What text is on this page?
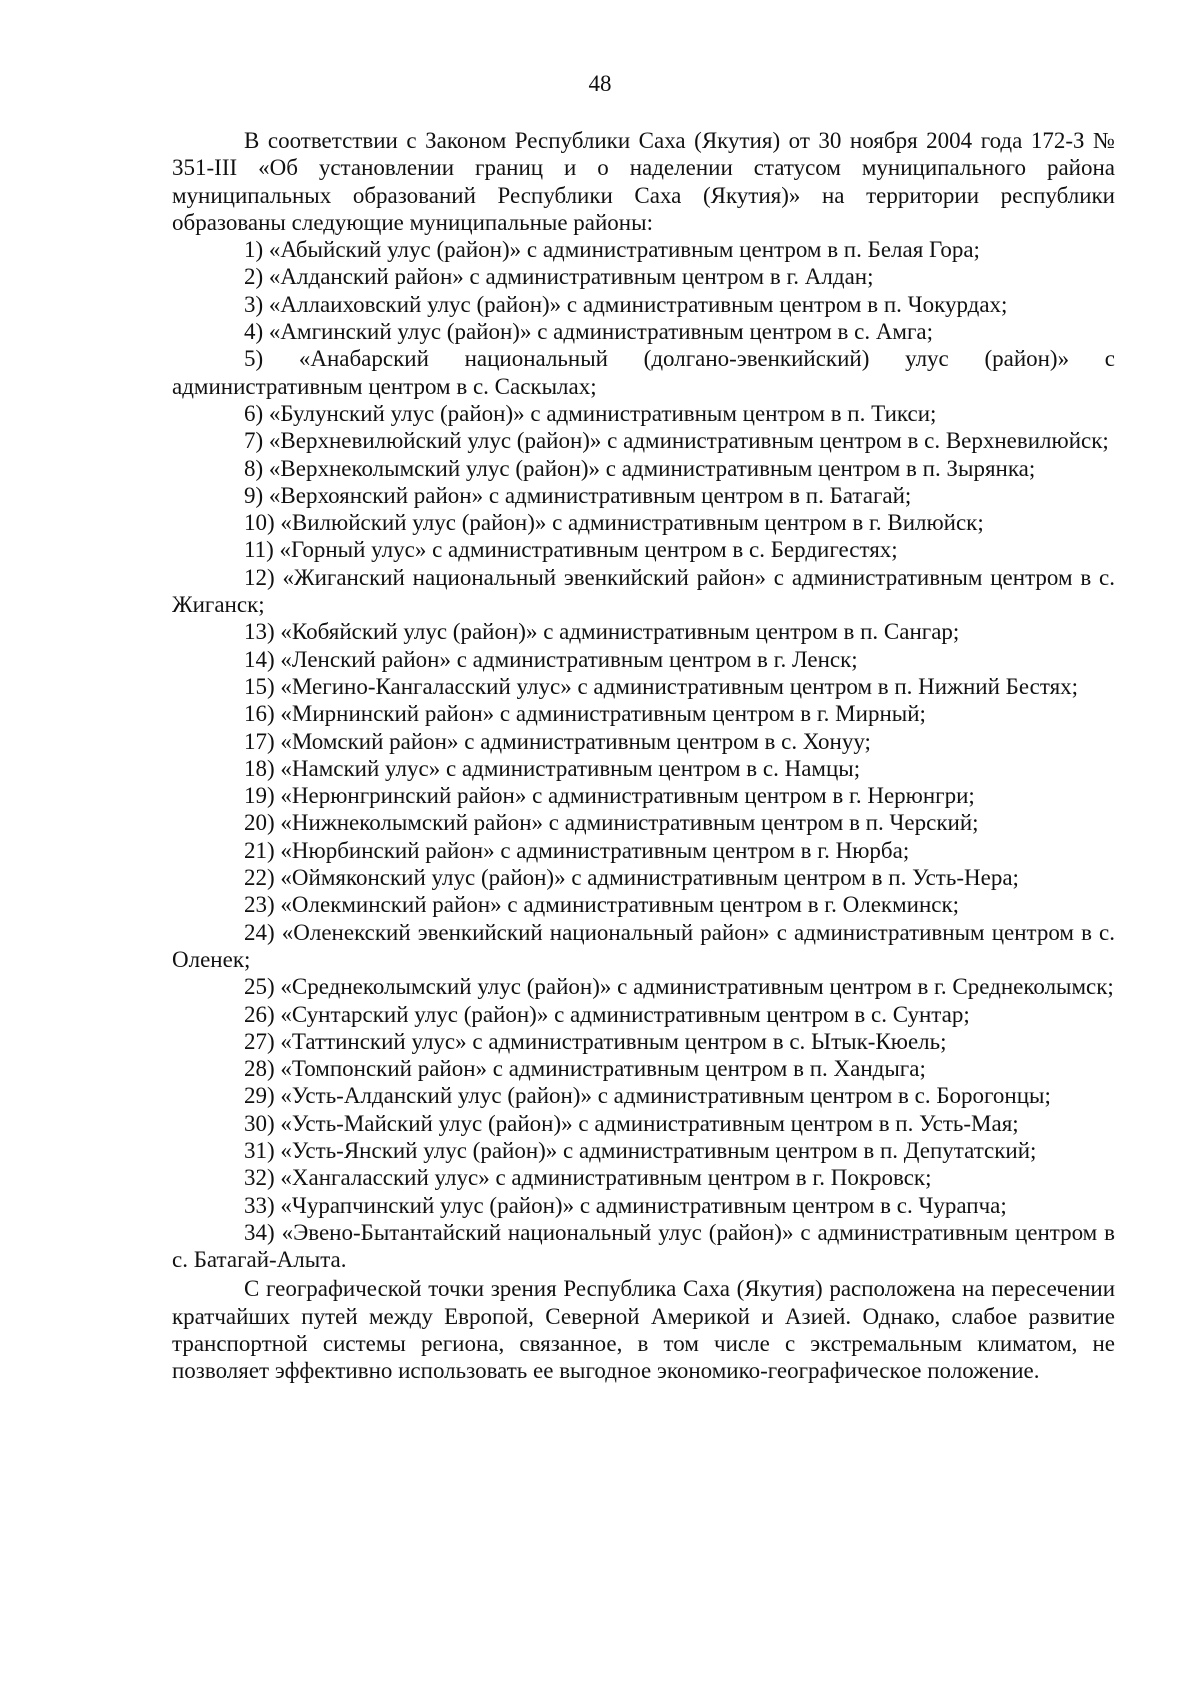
48

В соответствии с Законом Республики Саха (Якутия) от 30 ноября 2004 года 172-З № 351-III «Об установлении границ и о наделении статусом муниципального района муниципальных образований Республики Саха (Якутия)» на территории республики образованы следующие муниципальные районы:

1) «Абыйский улус (район)» с административным центром в п. Белая Гора;
2) «Алданский район» с административным центром в г. Алдан;
3) «Аллаиховский улус (район)» с административным центром в п. Чокурдах;
4) «Амгинский улус (район)» с административным центром в с. Амга;
5) «Анабарский национальный (долгано-эвенкийский) улус (район)» с административным центром в с. Саскылах;
6) «Булунский улус (район)» с административным центром в п. Тикси;
7) «Верхневилюйский улус (район)» с административным центром в с. Верхневилюйск;
8) «Верхнеколымский улус (район)» с административным центром в п. Зырянка;
9) «Верхоянский район» с административным центром в п. Батагай;
10) «Вилюйский улус (район)» с административным центром в г. Вилюйск;
11) «Горный улус» с административным центром в с. Бердигестях;
12) «Жиганский национальный эвенкийский район» с административным центром в с. Жиганск;
13) «Кобяйский улус (район)» с административным центром в п. Сангар;
14) «Ленский район» с административным центром в г. Ленск;
15) «Мегино-Кангаласский улус» с административным центром в п. Нижний Бестях;
16) «Мирнинский район» с административным центром в г. Мирный;
17) «Момский район» с административным центром в с. Хонуу;
18) «Намский улус» с административным центром в с. Намцы;
19) «Нерюнгринский район» с административным центром в г. Нерюнгри;
20) «Нижнеколымский район» с административным центром в п. Черский;
21) «Нюрбинский район» с административным центром в г. Нюрба;
22) «Оймяконский улус (район)» с административным центром в п. Усть-Нера;
23) «Олекминский район» с административным центром в г. Олекминск;
24) «Оленекский эвенкийский национальный район» с административным центром в с. Оленек;
25) «Среднеколымский улус (район)» с административным центром в г. Среднеколымск;
26) «Сунтарский улус (район)» с административным центром в с. Сунтар;
27) «Таттинский улус» с административным центром в с. Ытык-Кюель;
28) «Томпонский район» с административным центром в п. Хандыга;
29) «Усть-Алданский улус (район)» с административным центром в с. Борогонцы;
30) «Усть-Майский улус (район)» с административным центром в п. Усть-Мая;
31) «Усть-Янский улус (район)» с административным центром в п. Депутатский;
32) «Хангаласский улус» с административным центром в г. Покровск;
33) «Чурапчинский улус (район)» с административным центром в с. Чурапча;
34) «Эвено-Бытантайский национальный улус (район)» с административным центром в с. Батагай-Алыта.

С географической точки зрения Республика Саха (Якутия) расположена на пересечении кратчайших путей между Европой, Северной Америкой и Азией. Однако, слабое развитие транспортной системы региона, связанное, в том числе с экстремальным климатом, не позволяет эффективно использовать ее выгодное экономико-географическое положение.
